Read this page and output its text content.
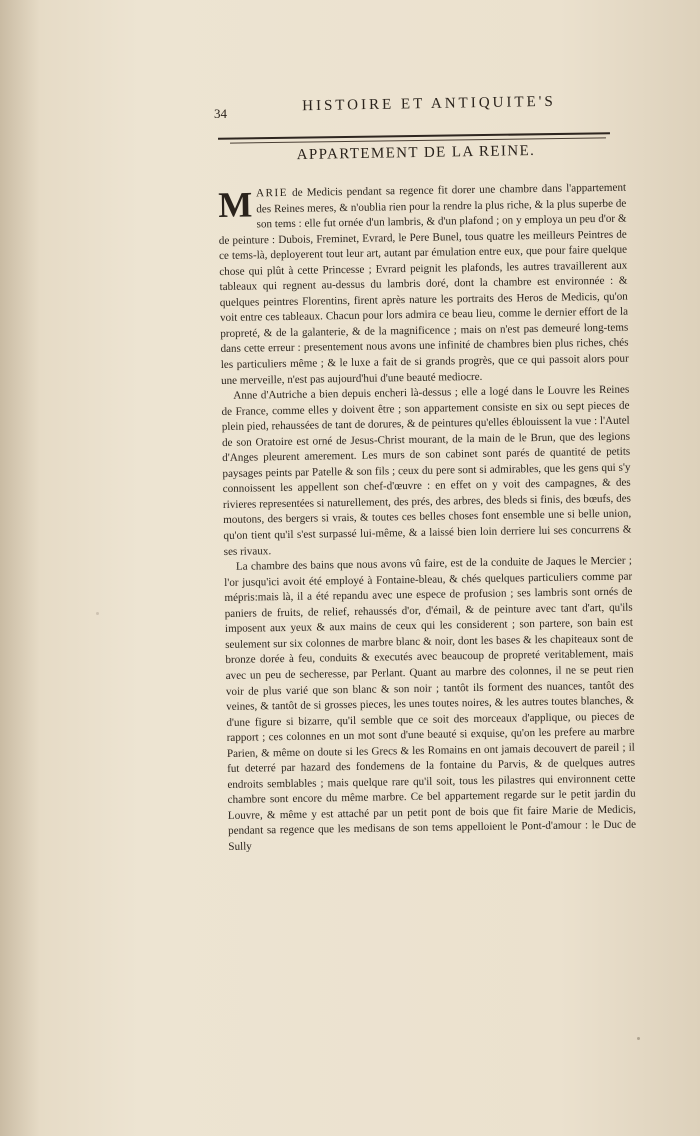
34	HISTOIRE ET ANTIQUITE'S
APPARTEMENT DE LA REINE.

MARIE de Medicis pendant sa regence fit dorer une chambre dans l'appartement des Reines meres, & n'oublia rien pour la rendre la plus riche, & la plus superbe de son tems : elle fut ornée d'un lambris, & d'un plafond ; on y employa un peu d'or & de peinture : Dubois, Freminet, Evrard, le Pere Bunel, tous quatre les meilleurs Peintres de ce tems-là, deployerent tout leur art, autant par émulation entre eux, que pour faire quelque chose qui plût à cette Princesse ; Evrard peignit les plafonds, les autres travaillerent aux tableaux qui regnent au-dessus du lambris doré, dont la chambre est environnée : & quelques peintres Florentins, firent après nature les portraits des Heros de Medicis, qu'on voit entre ces tableaux. Chacun pour lors admira ce beau lieu, comme le dernier effort de la propreté, & de la galanterie, & de la magnificence ; mais on n'est pas demeuré long-tems dans cette erreur : presentement nous avons une infinité de chambres bien plus riches, chés les particuliers même ; & le luxe a fait de si grands progrès, que ce qui passoit alors pour une merveille, n'est pas aujourd'hui d'une beauté mediocre.

Anne d'Autriche a bien depuis encheri là-dessus ; elle a logé dans le Louvre les Reines de France, comme elles y doivent être ; son appartement consiste en six ou sept pieces de plein pied, rehaussées de tant de dorures, & de peintures qu'elles éblouissent la vue : l'Autel de son Oratoire est orné de Jesus-Christ mourant, de la main de le Brun, que des legions d'Anges pleurent amerement. Les murs de son cabinet sont parés de quantité de petits paysages peints par Patelle & son fils ; ceux du pere sont si admirables, que les gens qui s'y connoissent les appellent son chef-d'œuvre : en effet on y voit des campagnes, & des rivieres representées si naturellement, des prés, des arbres, des bleds si finis, des bœufs, des moutons, des bergers si vrais, & toutes ces belles choses font ensemble une si belle union, qu'on tient qu'il s'est surpassé lui-même, & a laissé bien loin derriere lui ses concurrens & ses rivaux.

La chambre des bains que nous avons vû faire, est de la conduite de Jaques le Mercier ; l'or jusqu'ici avoit été employé à Fontaine-bleau, & chés quelques particuliers comme par mépris:mais là, il a été repandu avec une espece de profusion ; ses lambris sont ornés de paniers de fruits, de relief, rehaussés d'or, d'émail, & de peinture avec tant d'art, qu'ils imposent aux yeux & aux mains de ceux qui les considerent ; son partere, son bain est seulement sur six colonnes de marbre blanc & noir, dont les bases & les chapiteaux sont de bronze dorée à feu, conduits & executés avec beaucoup de propreté veritablement, mais avec un peu de secheresse, par Perlant. Quant au marbre des colonnes, il ne se peut rien voir de plus varié que son blanc & son noir ; tantôt ils forment des nuances, tantôt des veines, & tantôt de si grosses pieces, les unes toutes noires, & les autres toutes blanches, & d'une figure si bizarre, qu'il semble que ce soit des morceaux d'applique, ou pieces de rapport ; ces colonnes en un mot sont d'une beauté si exquise, qu'on les prefere au marbre Parien, & même on doute si les Grecs & les Romains en ont jamais decouvert de pareil ; il fut deterré par hazard des fondemens de la fontaine du Parvis, & de quelques autres endroits semblables ; mais quelque rare qu'il soit, tous les pilastres qui environnent cette chambre sont encore du même marbre. Ce bel appartement regarde sur le petit jardin du Louvre, & même y est attaché par un petit pont de bois que fit faire Marie de Medicis, pendant sa regence que les medisans de son tems appelloient le Pont-d'amour : le Duc de Sully
